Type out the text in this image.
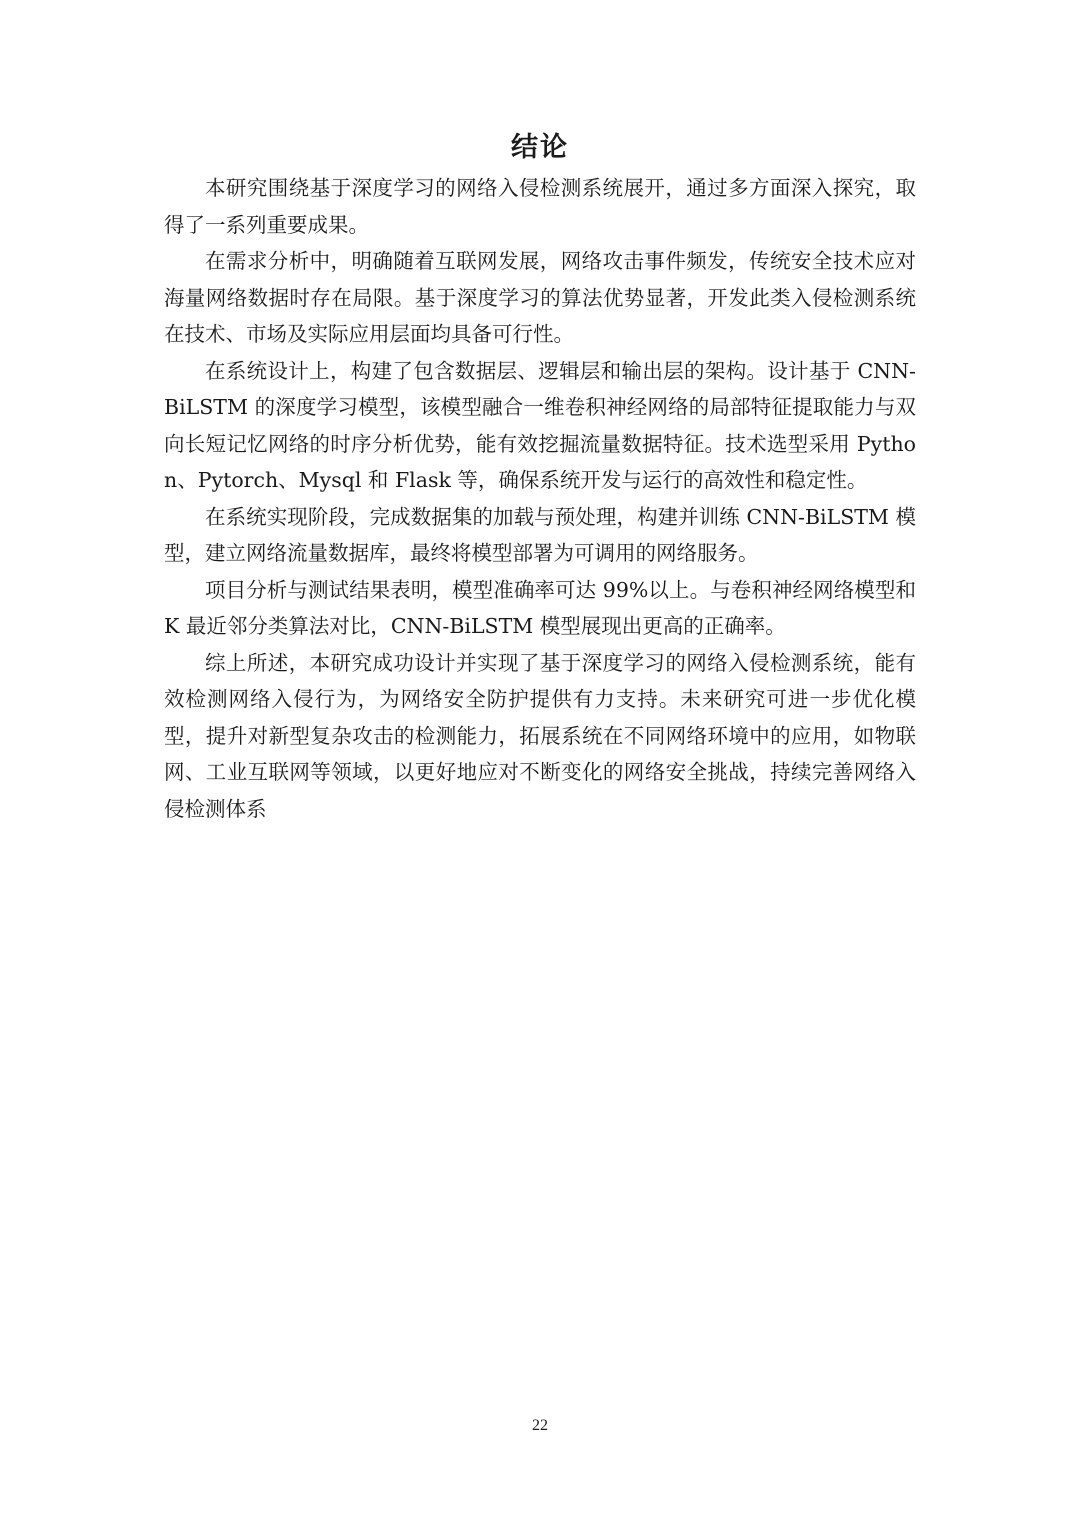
结论

本研究围绕基于深度学习的网络入侵检测系统展开，通过多方面深入探究，取得了一系列重要成果。

在需求分析中，明确随着互联网发展，网络攻击事件频发，传统安全技术应对海量网络数据时存在局限。基于深度学习的算法优势显著，开发此类入侵检测系统在技术、市场及实际应用层面均具备可行性。

在系统设计上，构建了包含数据层、逻辑层和输出层的架构。设计基于 CNN-BiLSTM 的深度学习模型，该模型融合一维卷积神经网络的局部特征提取能力与双向长短记忆网络的时序分析优势，能有效挖掘流量数据特征。技术选型采用 Python、Pytorch、Mysql 和 Flask 等，确保系统开发与运行的高效性和稳定性。

在系统实现阶段，完成数据集的加载与预处理，构建并训练 CNN-BiLSTM 模型，建立网络流量数据库，最终将模型部署为可调用的网络服务。

项目分析与测试结果表明，模型准确率可达 99%以上。与卷积神经网络模型和 K 最近邻分类算法对比，CNN-BiLSTM 模型展现出更高的正确率。

综上所述，本研究成功设计并实现了基于深度学习的网络入侵检测系统，能有效检测网络入侵行为，为网络安全防护提供有力支持。未来研究可进一步优化模型，提升对新型复杂攻击的检测能力，拓展系统在不同网络环境中的应用，如物联网、工业互联网等领域，以更好地应对不断变化的网络安全挑战，持续完善网络入侵检测体系

22
